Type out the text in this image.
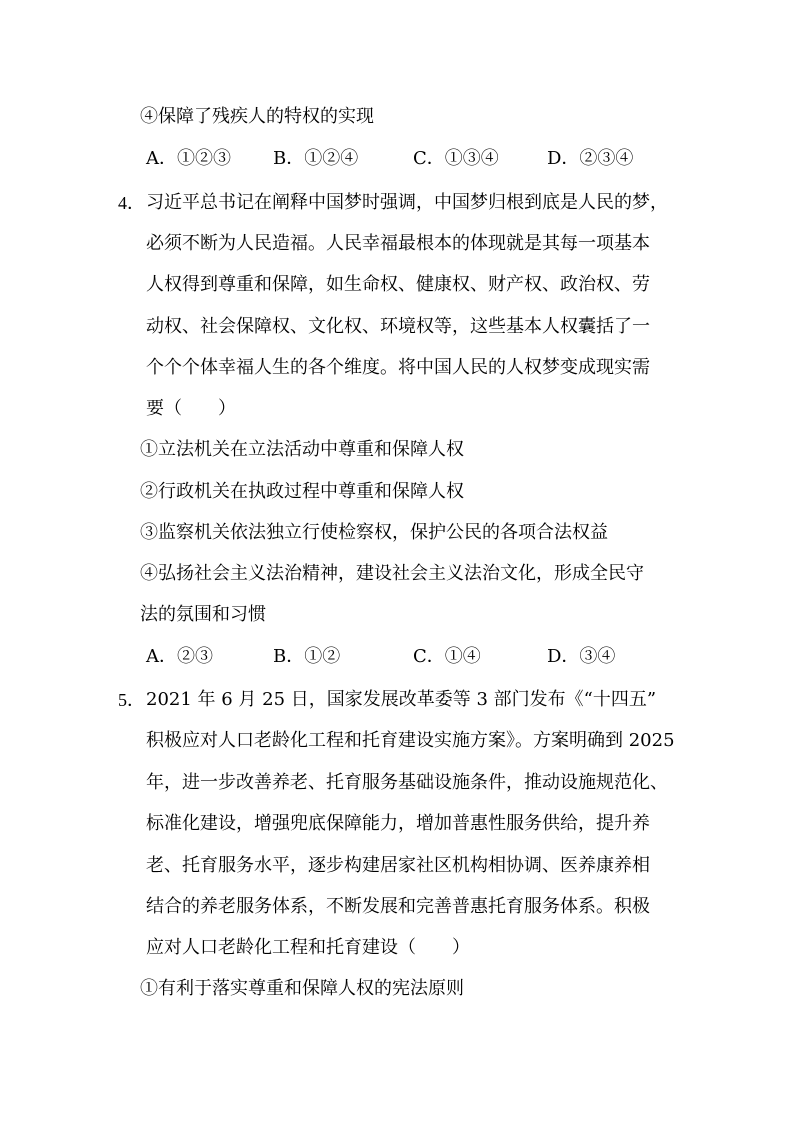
④保障了残疾人的特权的实现
A．①②③ B．①②④	C．①③④	D．②③④
4． 习近平总书记在阐释中国梦时强调，中国梦归根到底是人民的梦，
必须不断为人民造福。人民幸福最根本的体现就是其每一项基本
人权得到尊重和保障，如生命权、健康权、财产权、政治权、劳
动权、社会保障权、文化权、环境权等，这些基本人权囊括了一
个个个体幸福人生的各个维度。将中国人民的人权梦变成现实需
要（　　）
①立法机关在立法活动中尊重和保障人权
②行政机关在执政过程中尊重和保障人权
③监察机关依法独立行使检察权，保护公民的各项合法权益
④弘扬社会主义法治精神，建设社会主义法治文化，形成全民守
法的氛围和习惯
A．②③	B．①②	C．①④	D．③④
5． 2021 年 6 月 25 日，国家发展改革委等 3 部门发布《“十四五”
积极应对人口老龄化工程和托育建设实施方案》。方案明确到 2025
年，进一步改善养老、托育服务基础设施条件，推动设施规范化、
标准化建设，增强兜底保障能力，增加普惠性服务供给，提升养
老、托育服务水平，逐步构建居家社区机构相协调、医养康养相
结合的养老服务体系，不断发展和完善普惠托育服务体系。积极
应对人口老龄化工程和托育建设（　　）
①有利于落实尊重和保障人权的宪法原则
